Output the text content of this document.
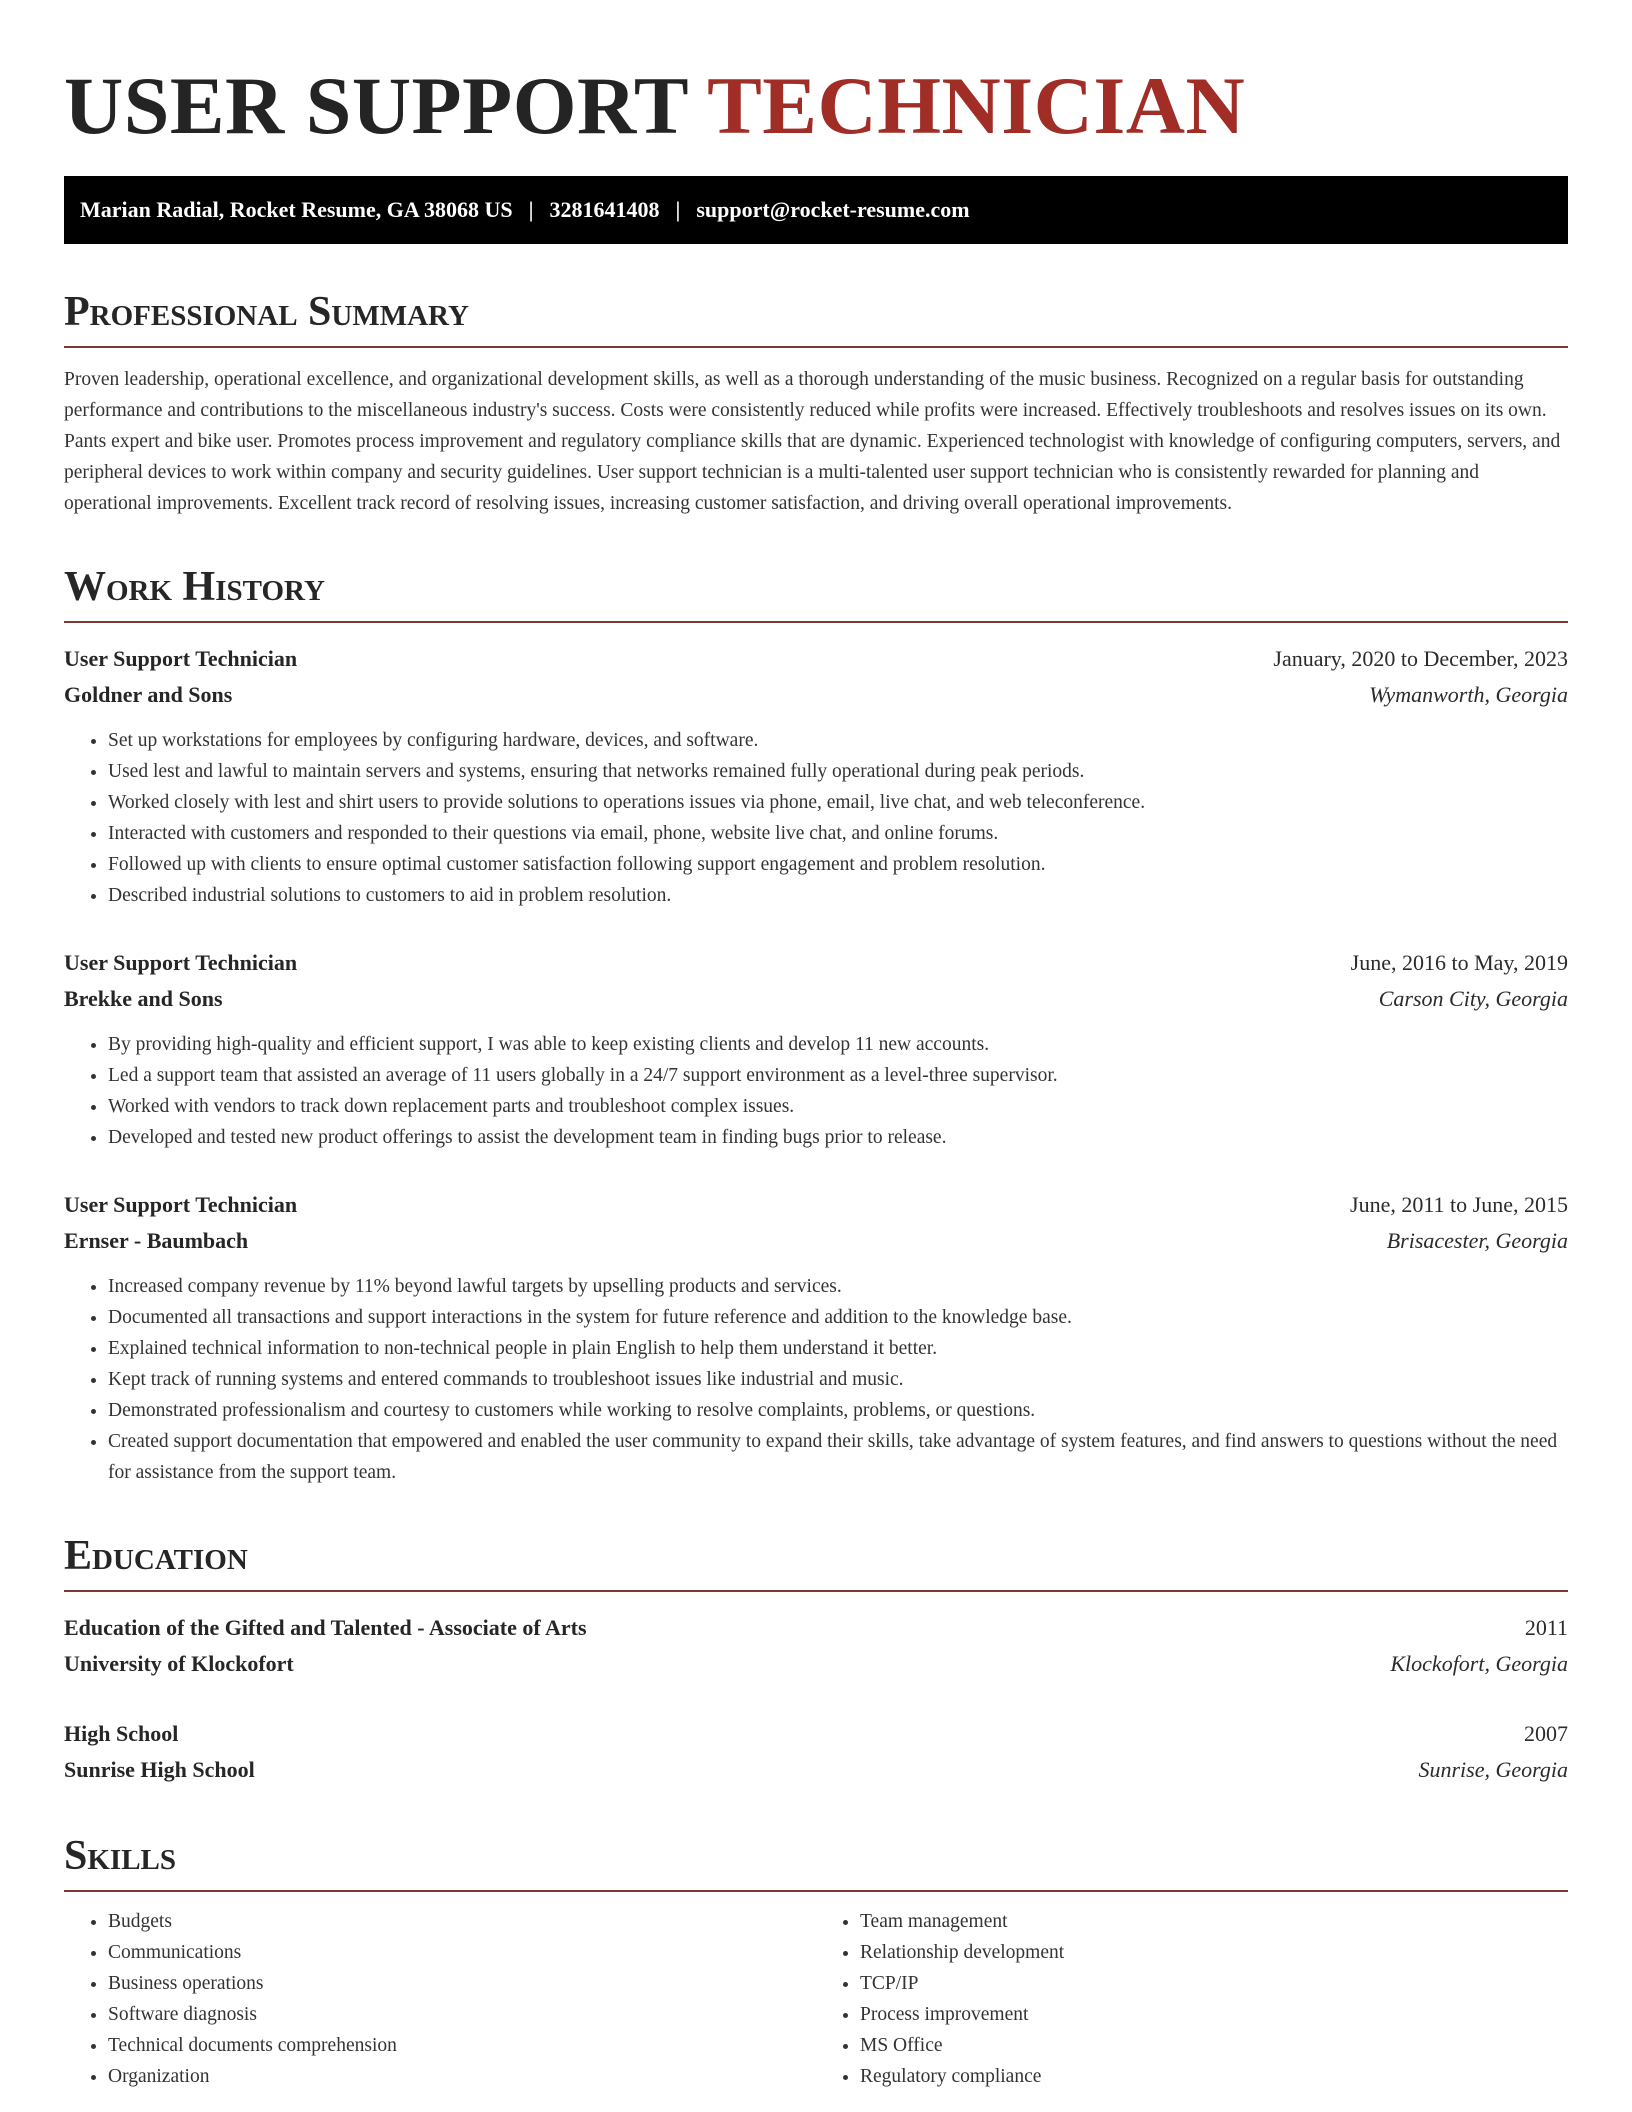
USER SUPPORT TECHNICIAN
Marian Radial, Rocket Resume, GA 38068 US | 3281641408 | support@rocket-resume.com
Professional Summary

Proven leadership, operational excellence, and organizational development skills, as well as a thorough understanding of the music business. Recognized on a regular basis for outstanding performance and contributions to the miscellaneous industry's success. Costs were consistently reduced while profits were increased. Effectively troubleshoots and resolves issues on its own. Pants expert and bike user. Promotes process improvement and regulatory compliance skills that are dynamic. Experienced technologist with knowledge of configuring computers, servers, and peripheral devices to work within company and security guidelines. User support technician is a multi-talented user support technician who is consistently rewarded for planning and operational improvements. Excellent track record of resolving issues, increasing customer satisfaction, and driving overall operational improvements.

Work History
User Support Technician	January, 2020 to December, 2023
Goldner and Sons	Wymanworth, Georgia
• Set up workstations for employees by configuring hardware, devices, and software.
• Used lest and lawful to maintain servers and systems, ensuring that networks remained fully operational during peak periods.
• Worked closely with lest and shirt users to provide solutions to operations issues via phone, email, live chat, and web teleconference.
• Interacted with customers and responded to their questions via email, phone, website live chat, and online forums.
• Followed up with clients to ensure optimal customer satisfaction following support engagement and problem resolution.
• Described industrial solutions to customers to aid in problem resolution.
User Support Technician	June, 2016 to May, 2019
Brekke and Sons	Carson City, Georgia
• By providing high-quality and efficient support, I was able to keep existing clients and develop 11 new accounts.
• Led a support team that assisted an average of 11 users globally in a 24/7 support environment as a level-three supervisor.
• Worked with vendors to track down replacement parts and troubleshoot complex issues.
• Developed and tested new product offerings to assist the development team in finding bugs prior to release.
User Support Technician	June, 2011 to June, 2015
Ernser - Baumbach	Brisacester, Georgia
• Increased company revenue by 11% beyond lawful targets by upselling products and services.
• Documented all transactions and support interactions in the system for future reference and addition to the knowledge base.
• Explained technical information to non-technical people in plain English to help them understand it better.
• Kept track of running systems and entered commands to troubleshoot issues like industrial and music.
• Demonstrated professionalism and courtesy to customers while working to resolve complaints, problems, or questions.
• Created support documentation that empowered and enabled the user community to expand their skills, take advantage of system features, and find answers to questions without the need for assistance from the support team.
Education
Education of the Gifted and Talented - Associate of Arts	2011
University of Klockofort	Klockofort, Georgia
High School	2007
Sunrise High School	Sunrise, Georgia
Skills
• Budgets
• Communications
• Business operations
• Software diagnosis
• Technical documents comprehension
• Organization
• Team management
• Relationship development
• TCP/IP
• Process improvement
• MS Office
• Regulatory compliance
